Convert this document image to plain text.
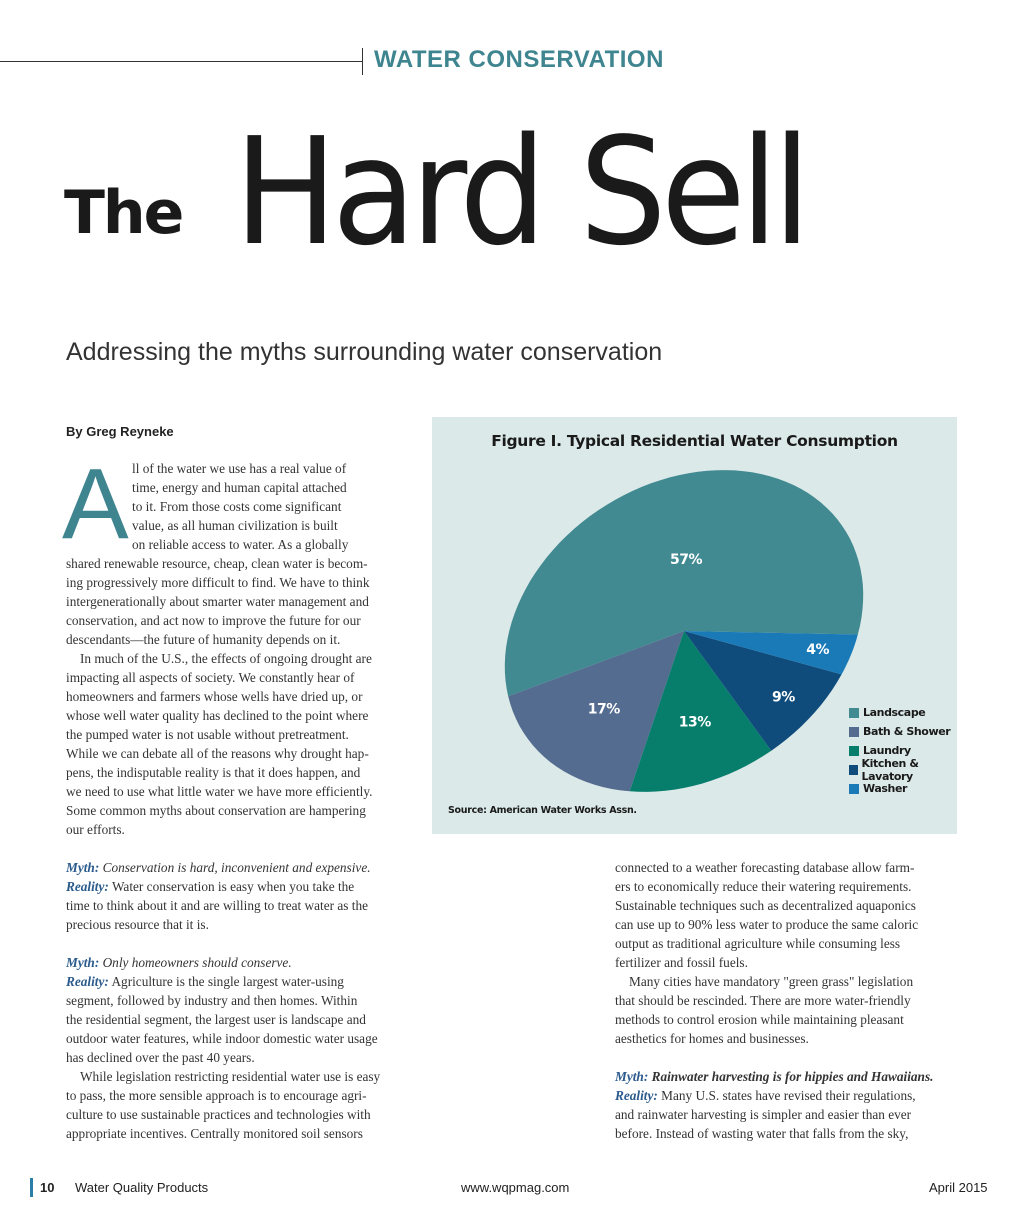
WATER CONSERVATION
The Hard Sell
Addressing the myths surrounding water conservation
By Greg Reyneke
A ll of the water we use has a real value of
time, energy and human capital attached
to it. From those costs come significant
value, as all human civilization is built
on reliable access to water. As a globally
shared renewable resource, cheap, clean water is becom-
ing progressively more difficult to find. We have to think
intergenerationally about smarter water management and
conservation, and act now to improve the future for our
descendants—the future of humanity depends on it.
In much of the U.S., the effects of ongoing drought are
impacting all aspects of society. We constantly hear of
homeowners and farmers whose wells have dried up, or
whose well water quality has declined to the point where
the pumped water is not usable without pretreatment.
While we can debate all of the reasons why drought hap-
pens, the indisputable reality is that it does happen, and
we need to use what little water we have more efficiently.
Some common myths about conservation are hampering
our efforts.
57%
17%
13%
9%
4%
Figure I. Typical Residential Water Consumption
Source: American Water Works Assn.
Landscape
Bath & Shower
Laundry
Kitchen & Lavatory
Washer
Myth: Conservation is hard, inconvenient and expensive.
Reality: Water conservation is easy when you take the
time to think about it and are willing to treat water as the
precious resource that it is.
Myth: Only homeowners should conserve.
Reality: Agriculture is the single largest water-using
segment, followed by industry and then homes. Within
the residential segment, the largest user is landscape and
outdoor water features, while indoor domestic water usage
has declined over the past 40 years.
While legislation restricting residential water use is easy
to pass, the more sensible approach is to encourage agri-
culture to use sustainable practices and technologies with
appropriate incentives. Centrally monitored soil sensors
connected to a weather forecasting database allow farm-
ers to economically reduce their watering requirements.
Sustainable techniques such as decentralized aquaponics
can use up to 90% less water to produce the same caloric
output as traditional agriculture while consuming less
fertilizer and fossil fuels.
Many cities have mandatory "green grass" legislation
that should be rescinded. There are more water-friendly
methods to control erosion while maintaining pleasant
aesthetics for homes and businesses.
Myth: Rainwater harvesting is for hippies and Hawaiians.
Reality: Many U.S. states have revised their regulations,
and rainwater harvesting is simpler and easier than ever
before. Instead of wasting water that falls from the sky,
10 Water Quality Products	www.wqpmag.com	April 2015
